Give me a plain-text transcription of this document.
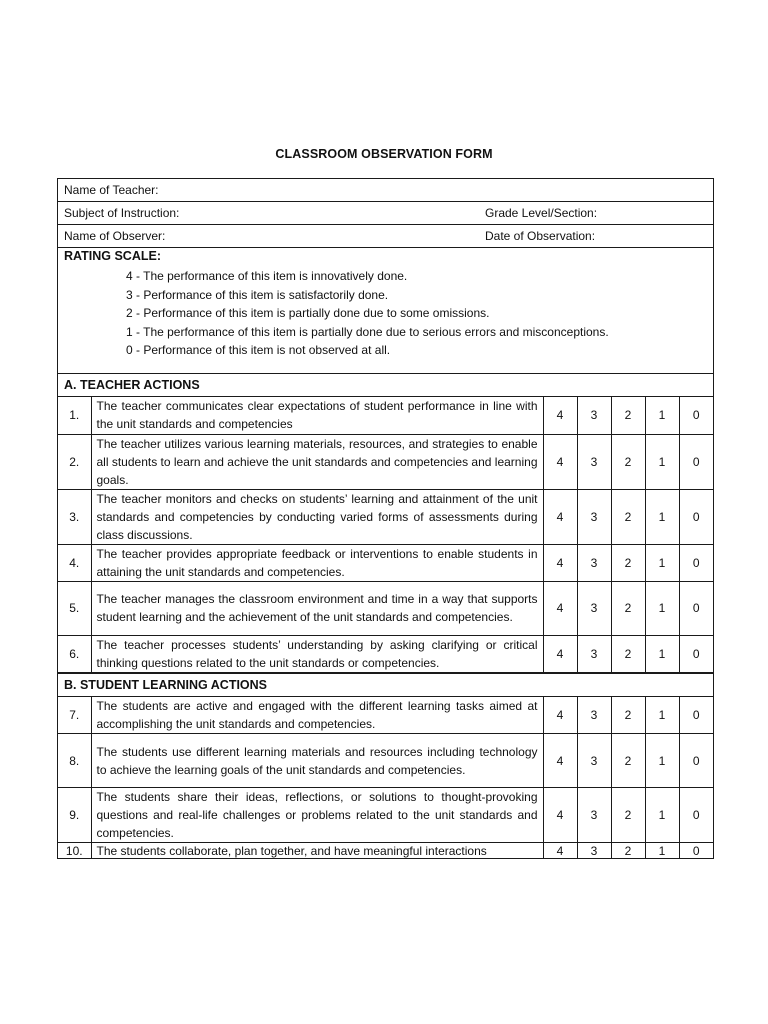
CLASSROOM OBSERVATION FORM
Name of Teacher:
Subject of Instruction:	Grade Level/Section:
Name of Observer:	Date of Observation:
RATING SCALE:
4 - The performance of this item is innovatively done.
3 - Performance of this item is satisfactorily done.
2 - Performance of this item is partially done due to some omissions.
1 - The performance of this item is partially done due to serious errors and misconceptions.
0 - Performance of this item is not observed at all.
A. TEACHER ACTIONS
1.	The teacher communicates clear expectations of student performance in line with the unit standards and competencies	4	3	2	1	0
2.	The teacher utilizes various learning materials, resources, and strategies to enable all students to learn and achieve the unit standards and competencies and learning goals.	4	3	2	1	0
3.	The teacher monitors and checks on students’ learning and attainment of the unit standards and competencies by conducting varied forms of assessments during class discussions.	4	3	2	1	0
4.	The teacher provides appropriate feedback or interventions to enable students in attaining the unit standards and competencies.	4	3	2	1	0
5.	The teacher manages the classroom environment and time in a way that supports student learning and the achievement of the unit standards and competencies.	4	3	2	1	0
6.	The teacher processes students’ understanding by asking clarifying or critical thinking questions related to the unit standards or competencies.	4	3	2	1	0
B. STUDENT LEARNING ACTIONS
7.	The students are active and engaged with the different learning tasks aimed at accomplishing the unit standards and competencies.	4	3	2	1	0
8.	The students use different learning materials and resources including technology to achieve the learning goals of the unit standards and competencies.	4	3	2	1	0
9.	The students share their ideas, reflections, or solutions to thought-provoking questions and real-life challenges or problems related to the unit standards and competencies.	4	3	2	1	0
10.	The students collaborate, plan together, and have meaningful interactions	4	3	2	1	0
